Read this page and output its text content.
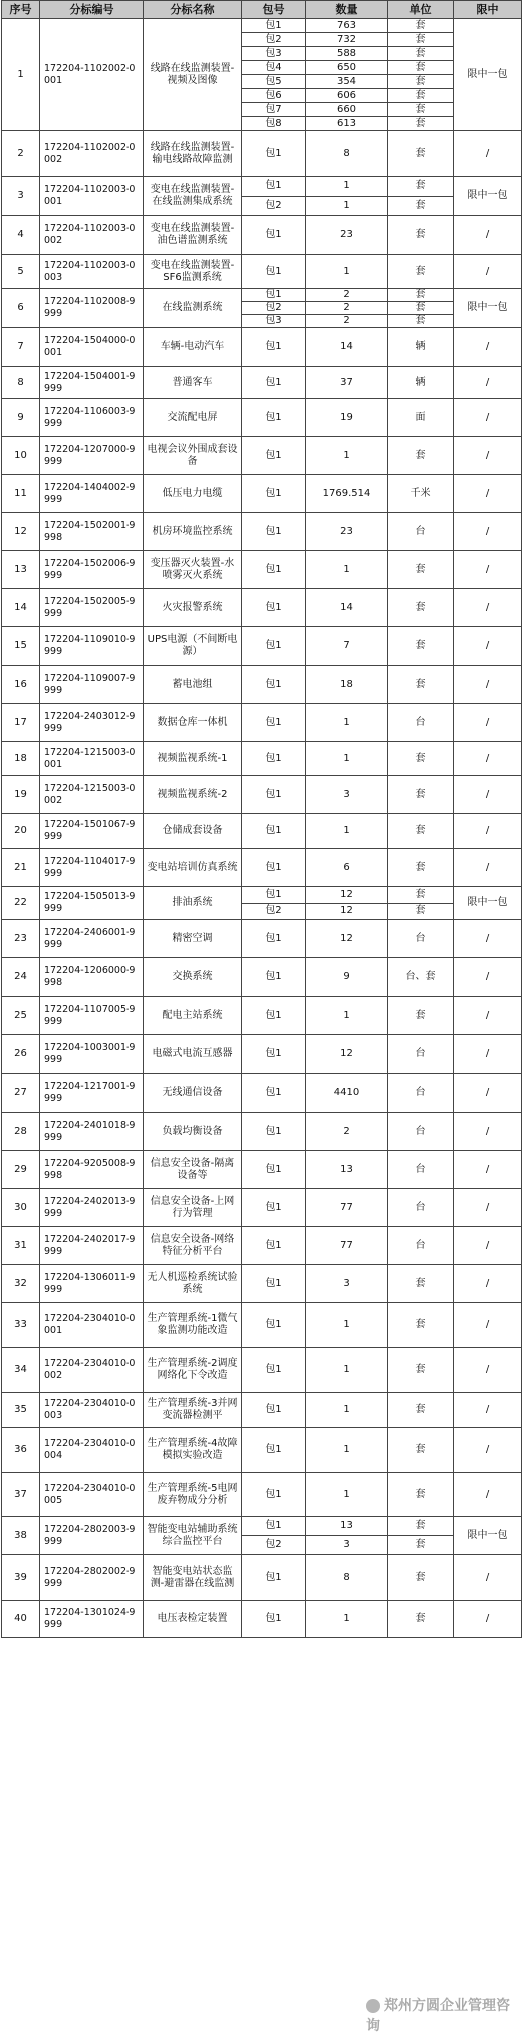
序号	分标编号	分标名称	包号	数量	单位	限中
1	172204-1102002-0001	线路在线监测装置-视频及图像	包1	763	套	限中一包
			包2	732	套	
			包3	588	套	
			包4	650	套	
			包5	354	套	
			包6	606	套	
			包7	660	套	
			包8	613	套	
2	172204-1102002-0002	线路在线监测装置-输电线路故障监测	包1	8	套	/
3	172204-1102003-0001	变电在线监测装置-在线监测集成系统	包1	1	套	限中一包
			包2	1	套	
4	172204-1102003-0002	变电在线监测装置-油色谱监测系统	包1	23	套	/
5	172204-1102003-0003	变电在线监测装置-SF6监测系统	包1	1	套	/
6	172204-1102008-9999	在线监测系统	包1	2	套	限中一包
			包2	2	套	
			包3	2	套	
7	172204-1504000-0001	车辆-电动汽车	包1	14	辆	/
8	172204-1504001-9999	普通客车	包1	37	辆	/
9	172204-1106003-9999	交流配电屏	包1	19	面	/
10	172204-1207000-9999	电视会议外围成套设备	包1	1	套	/
11	172204-1404002-9999	低压电力电缆	包1	1769.514	千米	/
12	172204-1502001-9998	机房环境监控系统	包1	23	台	/
13	172204-1502006-9999	变压器灭火装置-水喷雾灭火系统	包1	1	套	/
14	172204-1502005-9999	火灾报警系统	包1	14	套	/
15	172204-1109010-9999	UPS电源（不间断电源）	包1	7	套	/
16	172204-1109007-9999	蓄电池组	包1	18	套	/
17	172204-2403012-9999	数据仓库一体机	包1	1	台	/
18	172204-1215003-0001	视频监视系统-1	包1	1	套	/
19	172204-1215003-0002	视频监视系统-2	包1	3	套	/
20	172204-1501067-9999	仓储成套设备	包1	1	套	/
21	172204-1104017-9999	变电站培训仿真系统	包1	6	套	/
22	172204-1505013-9999	排油系统	包1	12	套	限中一包
			包2	12	套	
23	172204-2406001-9999	精密空调	包1	12	台	/
24	172204-1206000-9998	交换系统	包1	9	台、套	/
25	172204-1107005-9999	配电主站系统	包1	1	套	/
26	172204-1003001-9999	电磁式电流互感器	包1	12	台	/
27	172204-1217001-9999	无线通信设备	包1	4410	台	/
28	172204-2401018-9999	负载均衡设备	包1	2	台	/
29	172204-9205008-9998	信息安全设备-隔离设备等	包1	13	台	/
30	172204-2402013-9999	信息安全设备-上网行为管理	包1	77	台	/
31	172204-2402017-9999	信息安全设备-网络特征分析平台	包1	77	台	/
32	172204-1306011-9999	无人机巡检系统试验系统	包1	3	套	/
33	172204-2304010-0001	生产管理系统-1微气象监测功能改造	包1	1	套	/
34	172204-2304010-0002	生产管理系统-2调度网络化下令改造	包1	1	套	/
35	172204-2304010-0003	生产管理系统-3并网变流器检测平	包1	1	套	/
36	172204-2304010-0004	生产管理系统-4故障模拟实验改造	包1	1	套	/
37	172204-2304010-0005	生产管理系统-5电网废弃物成分分析	包1	1	套	/
38	172204-2802003-9999	智能变电站辅助系统综合监控平台	包1	13	套	限中一包
			包2	3	套	
39	172204-2802002-9999	智能变电站状态监测-避雷器在线监测	包1	8	套	/
40	172204-1301024-9999	电压表检定装置	包1	1	套	/
郑州方圆企业管理咨询
